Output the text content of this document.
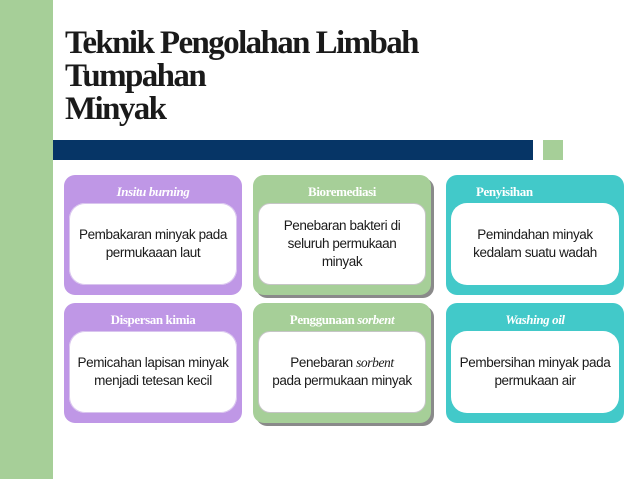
Teknik Pengolahan Limbah
Tumpahan
Minyak
Insitu burning
Pembakaran minyak pada permukaaan laut
Bioremediasi
Penebaran bakteri di seluruh permukaan minyak
Penyisihan
Pemindahan minyak kedalam suatu wadah
Dispersan kimia
Pemicahan lapisan minyak menjadi tetesan kecil
Penggunaan sorbent
Penebaran sorbent
pada permukaan minyak
Washing oil
Pembersihan minyak pada permukaan air
